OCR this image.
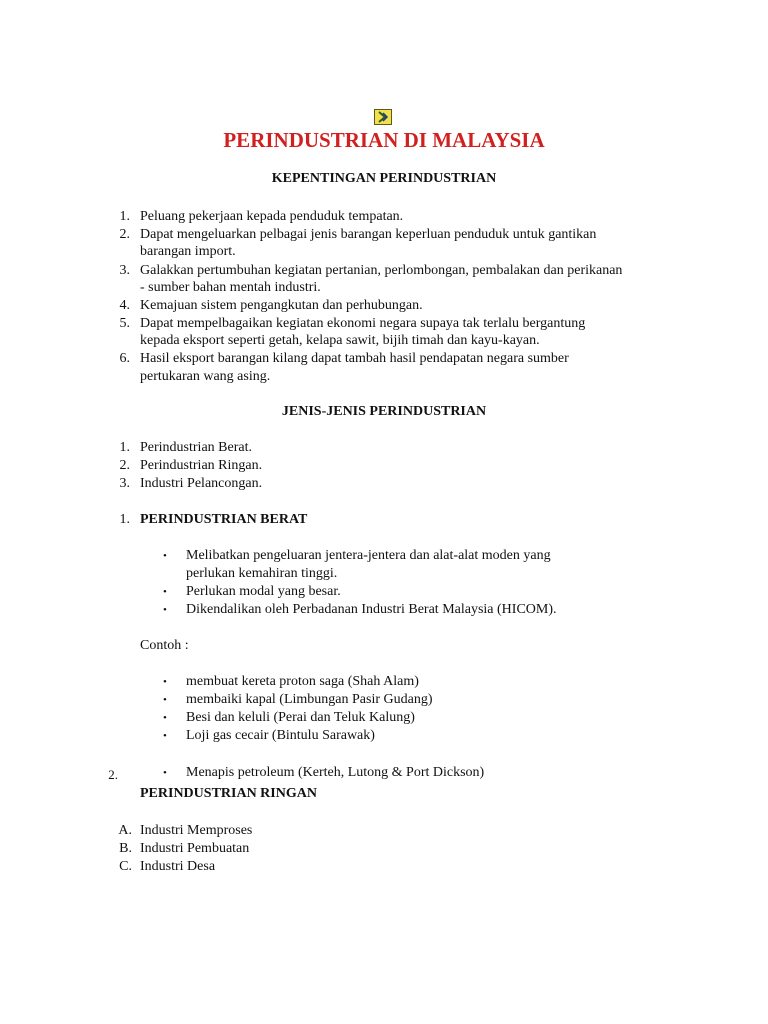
PERINDUSTRIAN DI MALAYSIA
KEPENTINGAN PERINDUSTRIAN
1. Peluang pekerjaan kepada penduduk tempatan.
2. Dapat mengeluarkan pelbagai jenis barangan keperluan penduduk untuk gantikan
barangan import.
3. Galakkan pertumbuhan kegiatan pertanian, perlombongan, pembalakan dan perikanan
- sumber bahan mentah industri.
4. Kemajuan sistem pengangkutan dan perhubungan.
5. Dapat mempelbagaikan kegiatan ekonomi negara supaya tak terlalu bergantung
kepada eksport seperti getah, kelapa sawit, bijih timah dan kayu-kayan.
6. Hasil eksport barangan kilang dapat tambah hasil pendapatan negara sumber
pertukaran wang asing.
JENIS-JENIS PERINDUSTRIAN
1. Perindustrian Berat.
2. Perindustrian Ringan.
3. Industri Pelancongan.
1. PERINDUSTRIAN BERAT
• Melibatkan pengeluaran jentera-jentera dan alat-alat moden yang
perlukan kemahiran tinggi.
• Perlukan modal yang besar.
• Dikendalikan oleh Perbadanan Industri Berat Malaysia (HICOM).
Contoh :
• membuat kereta proton saga (Shah Alam)
• membaiki kapal (Limbungan Pasir Gudang)
• Besi dan keluli (Perai dan Teluk Kalung)
• Loji gas cecair (Bintulu Sarawak)
• Menapis petroleum (Kerteh, Lutong & Port Dickson)
2.
PERINDUSTRIAN RINGAN
A. Industri Memproses
B. Industri Pembuatan
C. Industri Desa
